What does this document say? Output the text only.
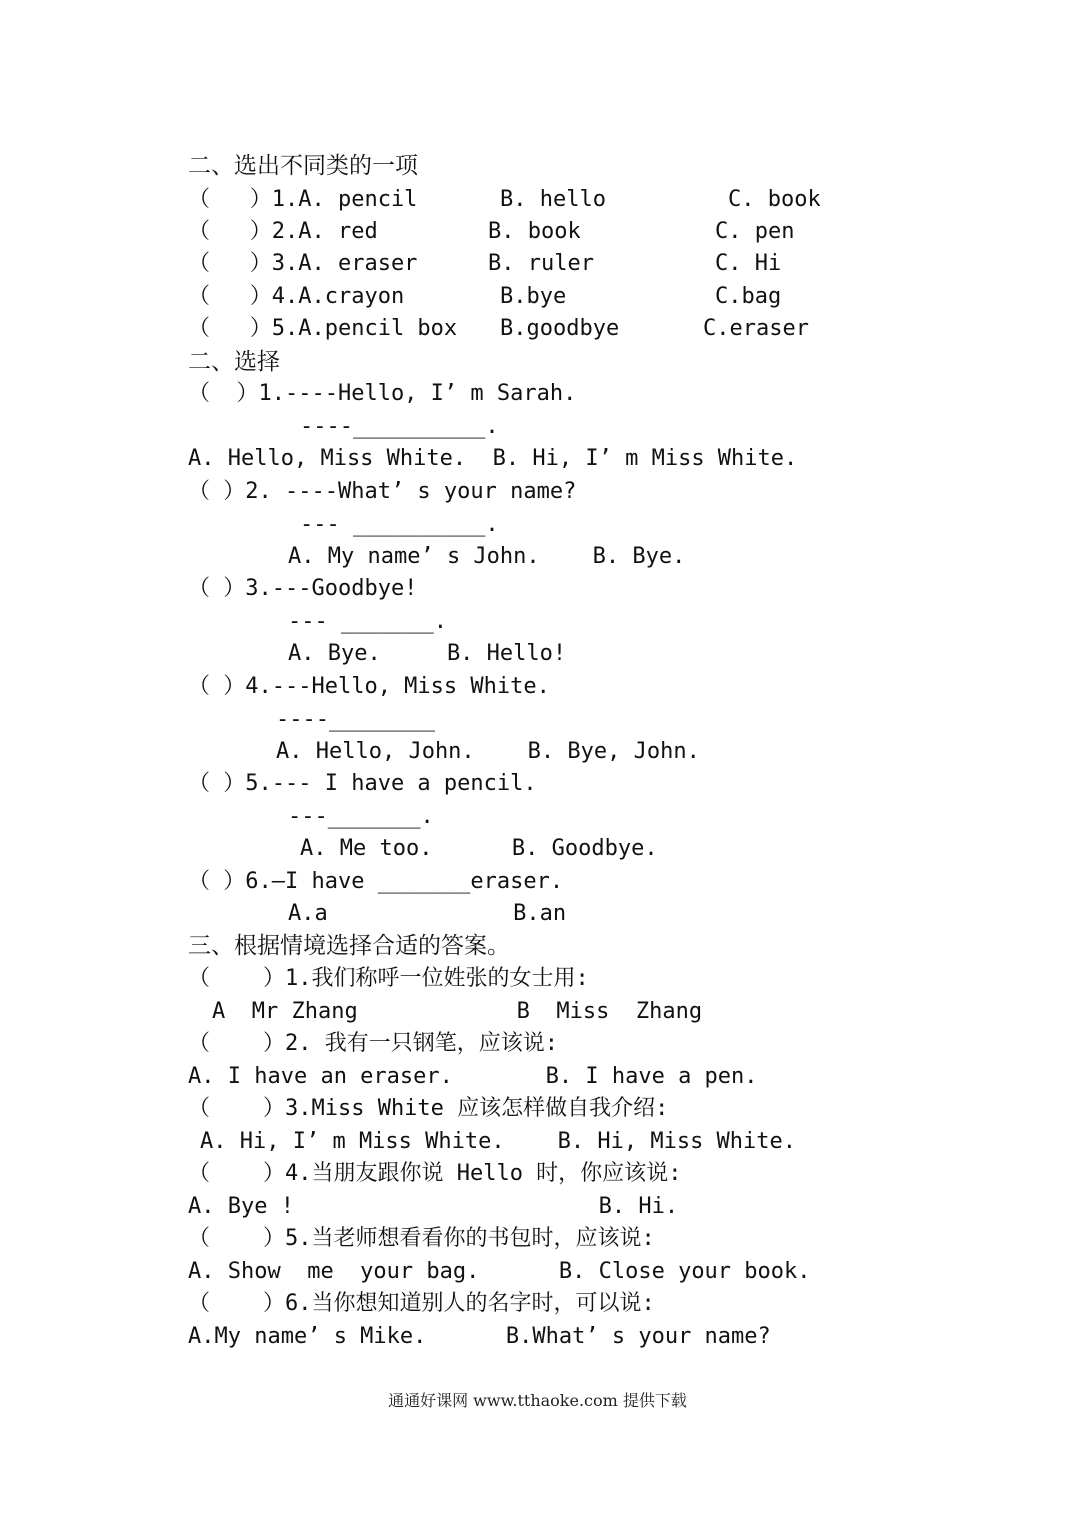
二、选出不同类的一项
（   ）1.A. pencil	B. hello	C. book
（   ）2.A. red	B. book	C. pen
（   ）3.A. eraser	B. ruler	C. Hi
（   ）4.A.crayon	B.bye	C.bag
（   ）5.A.pencil box B.goodbye	C.eraser
二、选择
（  ）1.----Hello, I’ m Sarah.
----__________.
A. Hello, Miss White.  B. Hi, I’ m Miss White.
（ ）2. ----What’ s your name?
--- __________.
A. My name’ s John.    B. Bye.
（ ）3.---Goodbye!
--- _______.
A. Bye.     B. Hello!
（ ）4.---Hello, Miss White.
----________
A. Hello, John.    B. Bye, John.
（ ）5.--- I have a pencil.
---_______.
A. Me too.      B. Goodbye.
（ ）6.—I have _______eraser.
A.a              B.an
三、根据情境选择合适的答案。
（    ）1.我们称呼一位姓张的女士用:
A  Mr Zhang            B  Miss  Zhang
（    ）2. 我有一只钢笔，应该说:
A. I have an eraser.       B. I have a pen.
（    ）3.Miss White 应该怎样做自我介绍:
A. Hi, I’ m Miss White.    B. Hi, Miss White.
（    ）4.当朋友跟你说 Hello 时，你应该说:
A. Bye !                       B. Hi.
（    ）5.当老师想看看你的书包时，应该说:
A. Show  me  your bag.      B. Close your book.
（    ）6.当你想知道别人的名字时，可以说:
A.My name’ s Mike.      B.What’ s your name?
通通好课网 www.tthaoke.com 提供下载
